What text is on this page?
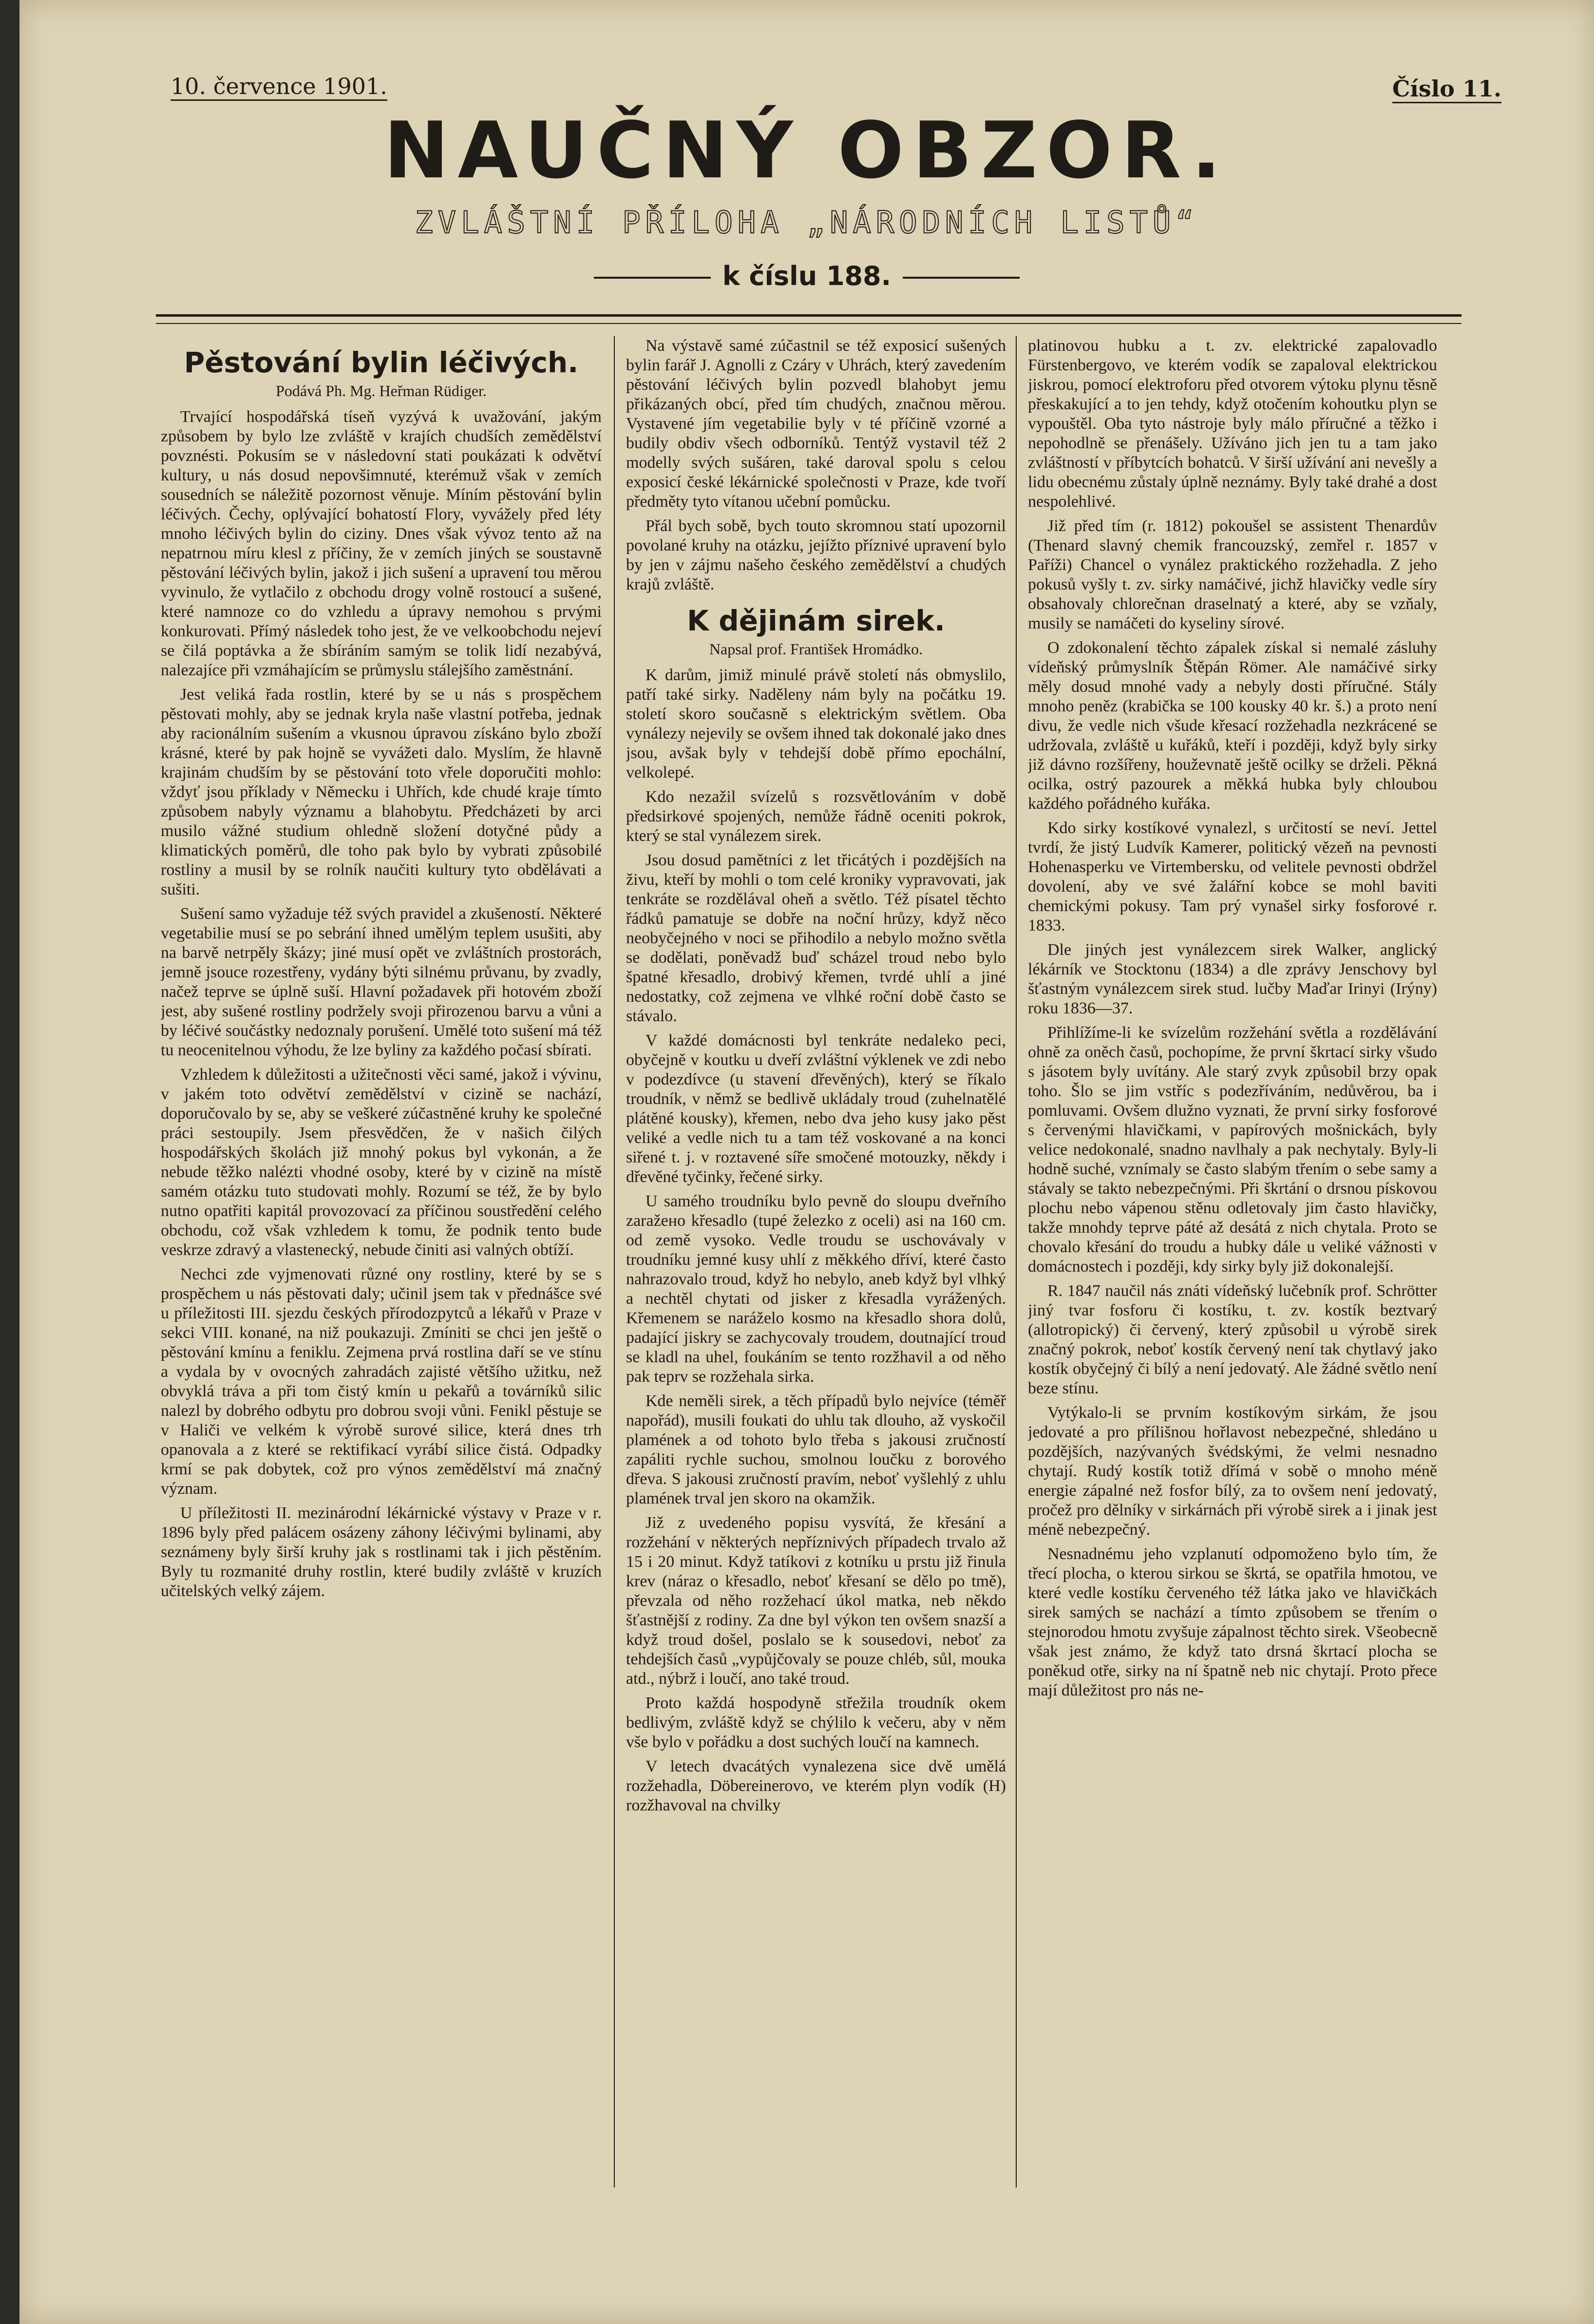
10. července 1901.	Číslo 11.
NAUČNÝ OBZOR.
ZVLÁŠTNÍ PŘÍLOHA „NÁRODNÍCH LISTŮ“
k číslu 188.
Pěstování bylin léčivých.
Podává Ph. Mg. Heřman Rüdiger.

Trvající hospodářská tíseň vyzývá k uvažování, jakým způsobem by bylo lze zvláště v krajích chudších zemědělství povznésti. Pokusím se v následovní stati poukázati k odvětví kultury, u nás dosud nepovšimnuté, kterémuž však v zemích sousedních se náležitě pozornost věnuje. Míním pěstování bylin léčivých. Čechy, oplývající bohatostí Flory, vyvážely před léty mnoho léčivých bylin do ciziny. Dnes však vývoz tento až na nepatrnou míru klesl z příčiny, že v zemích jiných se soustavně pěstování léčivých bylin, jakož i jich sušení a upravení tou měrou vyvinulo, že vytlačilo z obchodu drogy volně rostoucí a sušené, které namnoze co do vzhledu a úpravy nemohou s prvými konkurovati. Přímý následek toho jest, že ve velkoobchodu nejeví se čilá poptávka a že sbíráním samým se tolik lidí nezabývá, nalezajíce při vzmáhajícím se průmyslu stálejšího zaměstnání.

Jest veliká řada rostlin, které by se u nás s prospěchem pěstovati mohly, aby se jednak kryla naše vlastní potřeba, jednak aby racionálním sušením a vkusnou úpravou získáno bylo zboží krásné, které by pak hojně se vyvážeti dalo. Myslím, že hlavně krajinám chudším by se pěstování toto vřele doporučiti mohlo: vždyť jsou příklady v Německu i Uhřích, kde chudé kraje tímto způsobem nabyly významu a blahobytu. Předcházeti by arci musilo vážné studium ohledně složení dotyčné půdy a klimatických poměrů, dle toho pak bylo by vybrati způsobilé rostliny a musil by se rolník naučiti kultury tyto obdělávati a sušiti.

Sušení samo vyžaduje též svých pravidel a zkušeností. Některé vegetabilie musí se po sebrání ihned umělým teplem usušiti, aby na barvě netrpěly škázy; jiné musí opět ve zvláštních prostorách, jemně jsouce rozestřeny, vydány býti silnému průvanu, by zvadly, načež teprve se úplně suší. Hlavní požadavek při hotovém zboží jest, aby sušené rostliny podržely svoji přirozenou barvu a vůni a by léčivé součástky nedoznaly porušení. Umělé toto sušení má též tu neocenitelnou výhodu, že lze byliny za každého počasí sbírati.

Vzhledem k důležitosti a užitečnosti věci samé, jakož i vývinu, v jakém toto odvětví zemědělství v cizině se nachází, doporučovalo by se, aby se veškeré zúčastněné kruhy ke společné práci sestoupily. Jsem přesvědčen, že v našich čilých hospodářských školách již mnohý pokus byl vykonán, a že nebude těžko nalézti vhodné osoby, které by v cizině na místě samém otázku tuto studovati mohly. Rozumí se též, že by bylo nutno opatřiti kapitál provozovací za příčinou soustředění celého obchodu, což však vzhledem k tomu, že podnik tento bude veskrze zdravý a vlastenecký, nebude činiti asi valných obtíží.

Nechci zde vyjmenovati různé ony rostliny, které by se s prospěchem u nás pěstovati daly; učinil jsem tak v přednášce své u příležitosti III. sjezdu českých přírodozpytců a lékařů v Praze v sekci VIII. konané, na niž poukazuji. Zmíniti se chci jen ještě o pěstování kmínu a feniklu. Zejmena prvá rostlina daří se ve stínu a vydala by v ovocných zahradách zajisté většího užitku, než obvyklá tráva a při tom čistý kmín u pekařů a továrníků silic nalezl by dobrého odbytu pro dobrou svoji vůni. Fenikl pěstuje se v Haliči ve velkém k výrobě surové silice, která dnes trh opanovala a z které se rektifikací vyrábí silice čistá. Odpadky krmí se pak dobytek, což pro výnos zemědělství má značný význam.

U příležitosti II. mezinárodní lékárnické výstavy v Praze v r. 1896 byly před palácem osázeny záhony léčivými bylinami, aby seznámeny byly širší kruhy jak s rostlinami tak i jich pěstěním. Byly tu rozmanité druhy rostlin, které budily zvláště v kruzích učitelských velký zájem.

Na výstavě samé zúčastnil se též exposicí sušených bylin farář J. Agnolli z Czáry v Uhrách, který zavedením pěstování léčivých bylin pozvedl blahobyt jemu přikázaných obcí, před tím chudých, značnou měrou. Vystavené jím vegetabilie byly v té příčině vzorné a budily obdiv všech odborníků. Tentýž vystavil též 2 modelly svých sušáren, také daroval spolu s celou exposicí české lékárnické společnosti v Praze, kde tvoří předměty tyto vítanou učební pomůcku.

Přál bych sobě, bych touto skromnou statí upozornil povolané kruhy na otázku, jejížto příznivé upravení bylo by jen v zájmu našeho českého zemědělství a chudých krajů zvláště.

K dějinám sirek.
Napsal prof. František Hromádko.

K darům, jimiž minulé právě století nás obmyslilo, patří také sirky. Naděleny nám byly na počátku 19. století skoro současně s elektrickým světlem. Oba vynálezy nejevily se ovšem ihned tak dokonalé jako dnes jsou, avšak byly v tehdejší době přímo epochální, velkolepé.

Kdo nezažil svízelů s rozsvětlováním v době předsirkové spojených, nemůže řádně oceniti pokrok, který se stal vynálezem sirek.

Jsou dosud pamětníci z let třicátých i pozdějších na živu, kteří by mohli o tom celé kroniky vypravovati, jak tenkráte se rozdělával oheň a světlo. Též písatel těchto řádků pamatuje se dobře na noční hrůzy, když něco neobyčejného v noci se přihodilo a nebylo možno světla se dodělati, poněvadž buď scházel troud nebo bylo špatné křesadlo, drobivý křemen, tvrdé uhlí a jiné nedostatky, což zejmena ve vlhké roční době často se stávalo.

V každé domácnosti byl tenkráte nedaleko peci, obyčejně v koutku u dveří zvláštní výklenek ve zdi nebo v podezdívce (u stavení dřevěných), který se říkalo troudník, v němž se bedlivě ukládaly troud (zuhelnatělé plátěné kousky), křemen, nebo dva jeho kusy jako pěst veliké a vedle nich tu a tam též voskované a na konci siřené t. j. v roztavené síře smočené motouzky, někdy i dřevěné tyčinky, řečené sirky.

U samého troudníku bylo pevně do sloupu dveřního zaražено křesadlo (tupé železko z oceli) asi na 160 cm. od země vysoko. Vedle troudu se uschovávaly v troudníku jemné kusy uhlí z měkkého dříví, které často nahrazovalo troud, když ho nebylo, aneb když byl vlhký a nechtěl chytati od jisker z křesadla vyrážených. Křemenem se naráželo kosmo na křesadlo shora dolů, padající jiskry se zachycovaly troudem, doutnající troud se kladl na uhel, foukáním se tento rozžhavil a od něho pak teprv se rozžehala sirka.

Kde neměli sirek, a těch případů bylo nejvíce (téměř napořád), musili foukati do uhlu tak dlouho, až vyskočil plamének a od tohoto bylo třeba s jakousi zručností zapáliti rychle suchou, smolnou loučku z borového dřeva. S jakousi zručností pravím, neboť vyšlehlý z uhlu plamének trval jen skoro na okamžik.

Již z uvedeného popisu vysvítá, že křesání a rozžehání v některých nepříznivých případech trvalo až 15 i 20 minut. Když tatíkovi z kotníku u prstu již řinula krev (náraz o křesadlo, neboť křesaní se dělo po tmě), převzala od něho rozžehací úkol matka, neb někdo šťastnější z rodiny. Za dne byl výkon ten ovšem snazší a když troud došel, poslalo se k sousedovi, neboť za tehdejších časů „vypůjčovaly se pouze chléb, sůl, mouka atd., nýbrž i loučí, ano také troud.

Proto každá hospodyně střežila troudník okem bedlivým, zvláště když se chýlilo k večeru, aby v něm vše bylo v pořádku a dost suchých loučí na kamnech.

V letech dvacátých vynalezena sice dvě umělá rozžehadla, Döbereinerovo, ve kterém plyn vodík (H) rozžhavoval na chvilky

platinovou hubku a t. zv. elektrické zapalovadlo Fürstenbergovo, ve kterém vodík se zapaloval elektrickou jiskrou, pomocí elektroforu před otvorem výtoku plynu těsně přeskakující a to jen tehdy, když otočením kohoutku plyn se vypouštěl. Oba tyto nástroje byly málo příručné a těžko i nepohodlně se přenášely. Užíváno jich jen tu a tam jako zvláštností v příbytcích bohatců. V širší užívání ani nevešly a lidu obecnému zůstaly úplně neznámy. Byly také drahé a dost nespolehlivé.

Již před tím (r. 1812) pokoušel se assistent Thenardův (Thenard slavný chemik francouzský, zemřel r. 1857 v Paříži) Chancel o vynález praktického rozžehadla. Z jeho pokusů vyšly t. zv. sirky namáčivé, jichž hlavičky vedle síry obsahovaly chlorečnan draselnatý a které, aby se vzňaly, musily se namáčeti do kyseliny sírové.

O zdokonalení těchto zápalek získal si nemalé zásluhy vídeňský průmyslník Štěpán Römer. Ale namáčivé sirky měly dosud mnohé vady a nebyly dosti příručné. Stály mnoho peněz (krabička se 100 kousky 40 kr. š.) a proto není divu, že vedle nich všude křesací rozžehadla nezkrácené se udržovala, zvláště u kuřáků, kteří i později, když byly sirky již dávno rozšířeny, houževnatě ještě ocilky se drželi. Pěkná ocilka, ostrý pazourek a měkká hubka byly chloubou každého pořádného kuřáka.

Kdo sirky kostíkové vynalezl, s určitostí se neví. Jettel tvrdí, že jistý Ludvík Kamerer, politický vězeň na pevnosti Hohenasperku ve Virtembersku, od velitele pevnosti obdržel dovolení, aby ve své žalářní kobce se mohl baviti chemickými pokusy. Tam prý vynašel sirky fosforové r. 1833.

Dle jiných jest vynálezcem sirek Walker, anglický lékárník ve Stocktonu (1834) a dle zprávy Jenschovy byl šťastným vynálezcem sirek stud. lučby Maďar Irinyi (Irýny) roku 1836—37.

Přihlížíme-li ke svízelům rozžehání světla a rozdělávání ohně za oněch časů, pochopíme, že první škrtací sirky všudo s jásotem byly uvítány. Ale starý zvyk způsobil brzy opak toho. Šlo se jim vstříc s podezříváním, nedůvěrou, ba i pomluvami. Ovšem dlužno vyznati, že první sirky fosforové s červenými hlavičkami, v papírových mošnickách, byly velice nedokonalé, snadno navlhaly a pak nechytaly. Byly-li hodně suché, vznímaly se často slabým třením o sebe samy a stávaly se takto nebezpečnými. Při škrtání o drsnou pískovou plochu nebo vápenou stěnu odletovaly jim často hlavičky, takže mnohdy teprve páté až desátá z nich chytala. Proto se chovalo křesání do troudu a hubky dále u veliké vážnosti v domácnostech i později, kdy sirky byly již dokonalejší.

R. 1847 naučil nás znáti vídeňský lučebník prof. Schrötter jiný tvar fosforu či kostíku, t. zv. kostík beztvarý (allotropický) či červený, který způsobil u výrobě sirek značný pokrok, neboť kostík červený není tak chytlavý jako kostík obyčejný či bílý a není jedovatý. Ale žádné světlo není beze stínu.

Vytýkalo-li se prvním kostíkovým sirkám, že jsou jedovaté a pro přílišnou hořlavost nebezpečné, shledáno u pozdějších, nazývaných švédskými, že velmi nesnadno chytají. Rudý kostík totiž dřímá v sobě o mnoho méně energie zápalné než fosfor bílý, za to ovšem není jedovatý, pročež pro dělníky v sirkárnách při výrobě sirek a i jinak jest méně nebezpečný.

Nesnadnému jeho vzplanutí odpomoženo bylo tím, že třecí plocha, o kterou sirkou se škrtá, se opatřila hmotou, ve které vedle kostíku červeného též látka jako ve hlavičkách sirek samých se nachází a tímto způsobem se třením o stejnorodou hmotu zvyšuje zápalnost těchto sirek. Všeobecně však jest známo, že když tato drsná škrtací plocha se poněkud otře, sirky na ní špatně neb nic chytají. Proto přece mají důležitost pro nás ne-
